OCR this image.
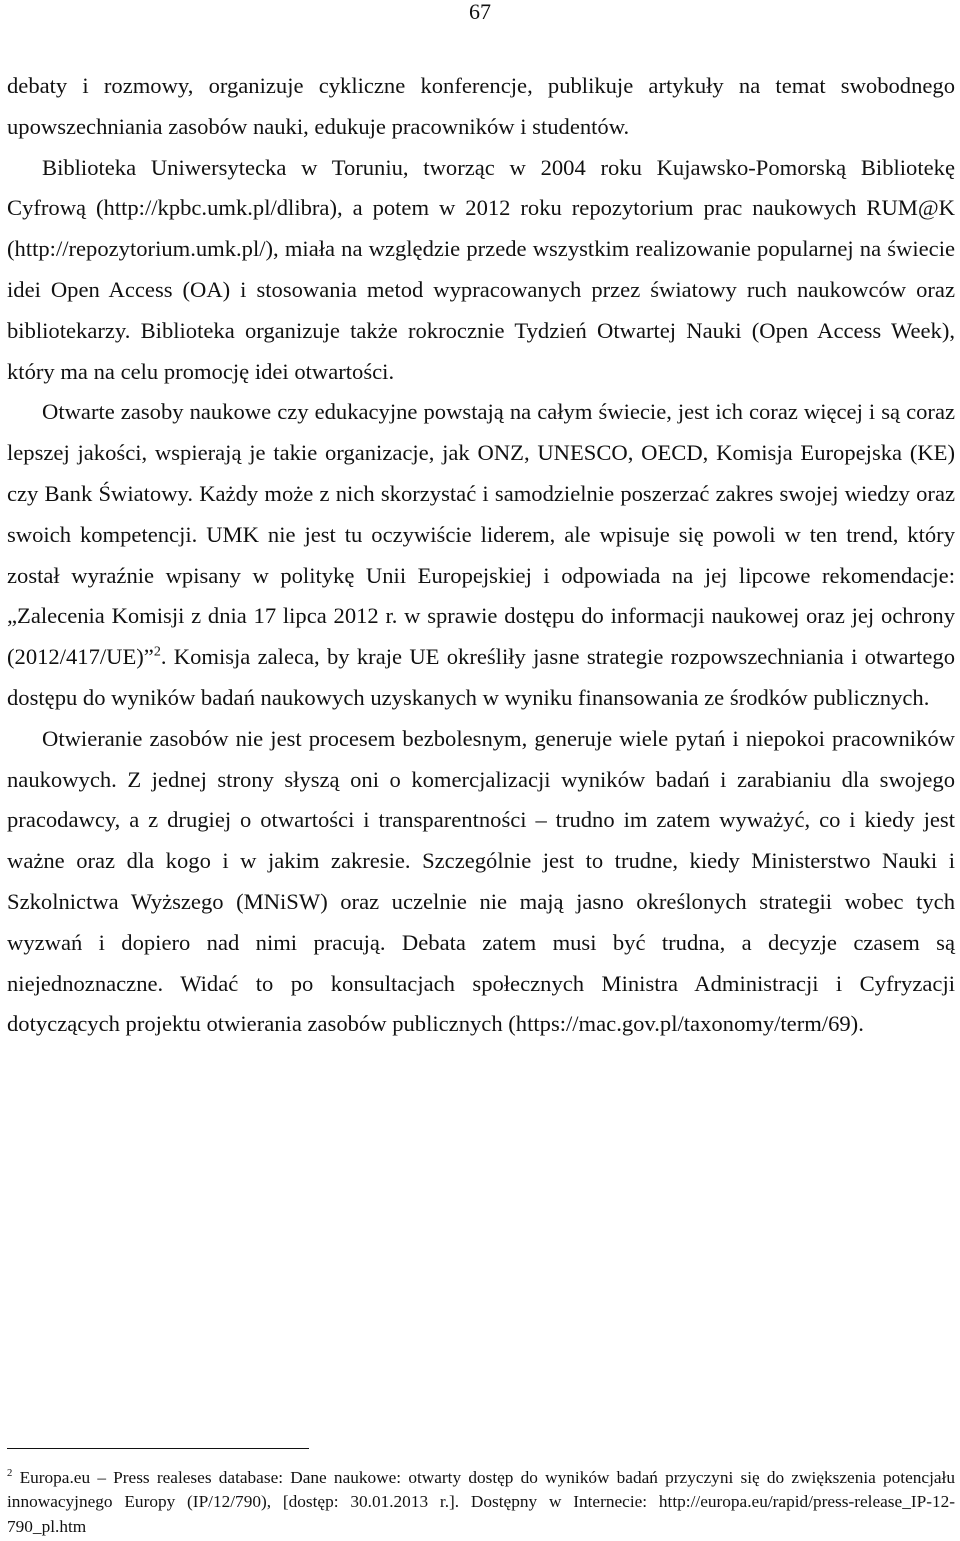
67

debaty i rozmowy, organizuje cykliczne konferencje, publikuje artykuły na temat swobodnego upowszechniania zasobów nauki, edukuje pracowników i studentów.

Biblioteka Uniwersytecka w Toruniu, tworząc w 2004 roku Kujawsko-Pomorską Bibliotekę Cyfrową (http://kpbc.umk.pl/dlibra), a potem w 2012 roku repozytorium prac naukowych RUM@K (http://repozytorium.umk.pl/), miała na względzie przede wszystkim realizowanie popularnej na świecie idei Open Access (OA) i stosowania metod wypracowanych przez światowy ruch naukowców oraz bibliotekarzy. Biblioteka organizuje także rokrocznie Tydzień Otwartej Nauki (Open Access Week), który ma na celu promocję idei otwartości.

Otwarte zasoby naukowe czy edukacyjne powstają na całym świecie, jest ich coraz więcej i są coraz lepszej jakości, wspierają je takie organizacje, jak ONZ, UNESCO, OECD, Komisja Europejska (KE) czy Bank Światowy. Każdy może z nich skorzystać i samodzielnie poszerzać zakres swojej wiedzy oraz swoich kompetencji. UMK nie jest tu oczywiście liderem, ale wpisuje się powoli w ten trend, który został wyraźnie wpisany w politykę Unii Europejskiej i odpowiada na jej lipcowe rekomendacje: „Zalecenia Komisji z dnia 17 lipca 2012 r. w sprawie dostępu do informacji naukowej oraz jej ochrony (2012/417/UE)”$^2$. Komisja zaleca, by kraje UE określiły jasne strategie rozpowszechniania i otwartego dostępu do wyników badań naukowych uzyskanych w wyniku finansowania ze środków publicznych.

Otwieranie zasobów nie jest procesem bezbolesnym, generuje wiele pytań i niepokoi pracowników naukowych. Z jednej strony słyszą oni o komercjalizacji wyników badań i zarabianiu dla swojego pracodawcy, a z drugiej o otwartości i transparentności – trudno im zatem wyważyć, co i kiedy jest ważne oraz dla kogo i w jakim zakresie. Szczególnie jest to trudne, kiedy Ministerstwo Nauki i Szkolnictwa Wyższego (MNiSW) oraz uczelnie nie mają jasno określonych strategii wobec tych wyzwań i dopiero nad nimi pracują. Debata zatem musi być trudna, a decyzje czasem są niejednoznaczne. Widać to po konsultacjach społecznych Ministra Administracji i Cyfryzacji dotyczących projektu otwierania zasobów publicznych (https://mac.gov.pl/taxonomy/term/69).

$^2$ Europa.eu – Press realeses database: Dane naukowe: otwarty dostęp do wyników badań przyczyni się do zwiększenia potencjału innowacyjnego Europy (IP/12/790), [dostęp: 30.01.2013 r.]. Dostępny w Internecie: http://europa.eu/rapid/press-release_IP-12-790_pl.htm
